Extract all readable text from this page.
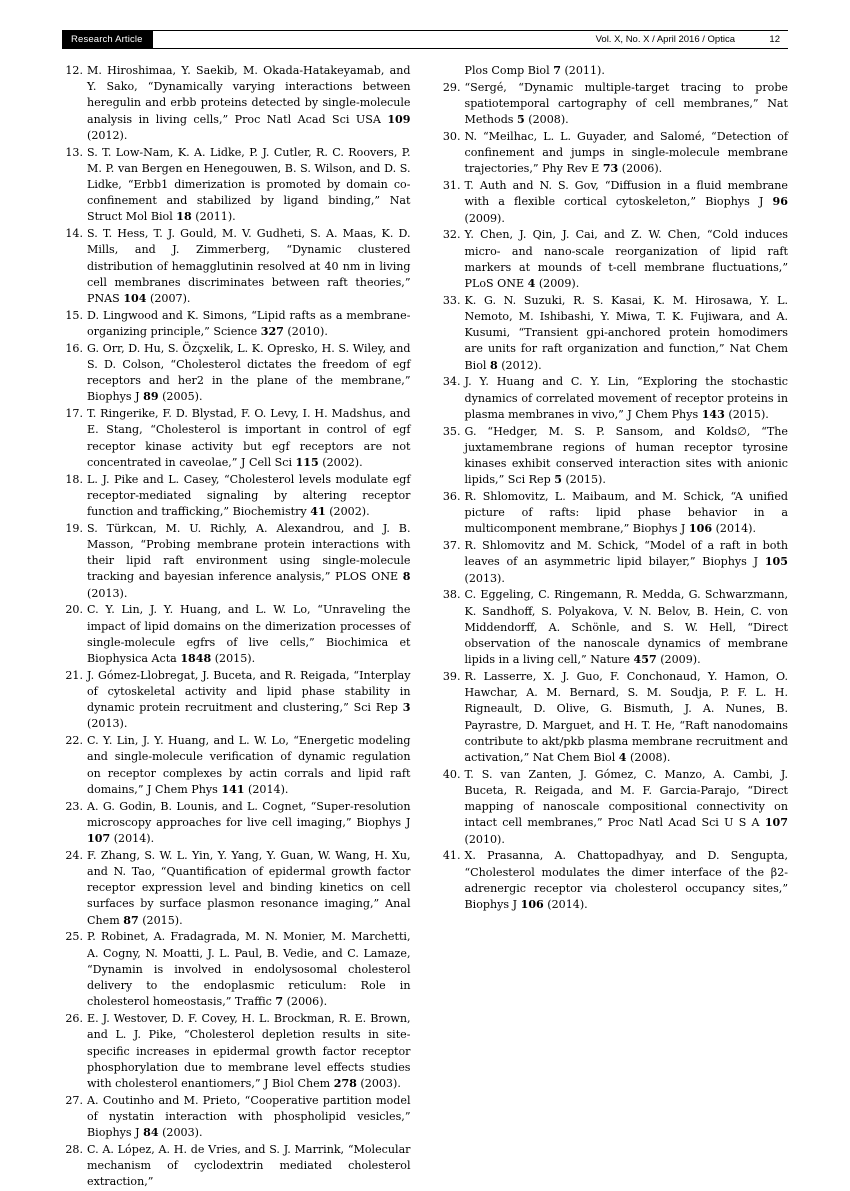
Research Article	Vol. X, No. X / April 2016 / Optica	12
12. M. Hiroshimaa, Y. Saekib, M. Okada-Hatakeyamab, and Y. Sako, “Dynamically varying interactions between heregulin and erbb proteins detected by single-molecule analysis in living cells,” Proc Natl Acad Sci USA 109 (2012).
13. S. T. Low-Nam, K. A. Lidke, P. J. Cutler, R. C. Roovers, P. M. P. van Bergen en Henegouwen, B. S. Wilson, and D. S. Lidke, “Erbb1 dimerization is promoted by domain co-confinement and stabilized by ligand binding,” Nat Struct Mol Biol 18 (2011).
14. S. T. Hess, T. J. Gould, M. V. Gudheti, S. A. Maas, K. D. Mills, and J. Zimmerberg, “Dynamic clustered distribution of hemagglutinin resolved at 40 nm in living cell membranes discriminates between raft theories,” PNAS 104 (2007).
15. D. Lingwood and K. Simons, “Lipid rafts as a membrane-organizing principle,” Science 327 (2010).
16. G. Orr, D. Hu, S. Özçxelik, L. K. Opresko, H. S. Wiley, and S. D. Colson, “Cholesterol dictates the freedom of egf receptors and her2 in the plane of the membrane,” Biophys J 89 (2005).
17. T. Ringerike, F. D. Blystad, F. O. Levy, I. H. Madshus, and E. Stang, “Cholesterol is important in control of egf receptor kinase activity but egf receptors are not concentrated in caveolae,” J Cell Sci 115 (2002).
18. L. J. Pike and L. Casey, “Cholesterol levels modulate egf receptor-mediated signaling by altering receptor function and trafficking,” Biochemistry 41 (2002).
19. S. Türkcan, M. U. Richly, A. Alexandrou, and J. B. Masson, “Probing membrane protein interactions with their lipid raft environment using single-molecule tracking and bayesian inference analysis,” PLOS ONE 8 (2013).
20. C. Y. Lin, J. Y. Huang, and L. W. Lo, “Unraveling the impact of lipid domains on the dimerization processes of single-molecule egfrs of live cells,” Biochimica et Biophysica Acta 1848 (2015).
21. J. Gómez-Llobregat, J. Buceta, and R. Reigada, “Interplay of cytoskeletal activity and lipid phase stability in dynamic protein recruitment and clustering,” Sci Rep 3 (2013).
22. C. Y. Lin, J. Y. Huang, and L. W. Lo, “Energetic modeling and single-molecule verification of dynamic regulation on receptor complexes by actin corrals and lipid raft domains,” J Chem Phys 141 (2014).
23. A. G. Godin, B. Lounis, and L. Cognet, “Super-resolution microscopy approaches for live cell imaging,” Biophys J 107 (2014).
24. F. Zhang, S. W. L. Yin, Y. Yang, Y. Guan, W. Wang, H. Xu, and N. Tao, “Quantification of epidermal growth factor receptor expression level and binding kinetics on cell surfaces by surface plasmon resonance imaging,” Anal Chem 87 (2015).
25. P. Robinet, A. Fradagrada, M. N. Monier, M. Marchetti, A. Cogny, N. Moatti, J. L. Paul, B. Vedie, and C. Lamaze, “Dynamin is involved in endolysosomal cholesterol delivery to the endoplasmic reticulum: Role in cholesterol homeostasis,” Traffic 7 (2006).
26. E. J. Westover, D. F. Covey, H. L. Brockman, R. E. Brown, and L. J. Pike, “Cholesterol depletion results in site-specific increases in epidermal growth factor receptor phosphorylation due to membrane level effects studies with cholesterol enantiomers,” J Biol Chem 278 (2003).
27. A. Coutinho and M. Prieto, “Cooperative partition model of nystatin interaction with phospholipid vesicles,” Biophys J 84 (2003).
28. C. A. López, A. H. de Vries, and S. J. Marrink, “Molecular mechanism of cyclodextrin mediated cholesterol extraction,”

Plos Comp Biol 7 (2011).

29. “Sergé, “Dynamic multiple-target tracing to probe spatiotemporal cartography of cell membranes,” Nat Methods 5 (2008).
30. N. “Meilhac, L. L. Guyader, and Salomé, “Detection of confinement and jumps in single-molecule membrane trajectories,” Phy Rev E 73 (2006).
31. T. Auth and N. S. Gov, “Diffusion in a fluid membrane with a flexible cortical cytoskeleton,” Biophys J 96 (2009).
32. Y. Chen, J. Qin, J. Cai, and Z. W. Chen, “Cold induces micro- and nano-scale reorganization of lipid raft markers at mounds of t-cell membrane fluctuations,” PLoS ONE 4 (2009).
33. K. G. N. Suzuki, R. S. Kasai, K. M. Hirosawa, Y. L. Nemoto, M. Ishibashi, Y. Miwa, T. K. Fujiwara, and A. Kusumi, “Transient gpi-anchored protein homodimers are units for raft organization and function,” Nat Chem Biol 8 (2012).
34. J. Y. Huang and C. Y. Lin, “Exploring the stochastic dynamics of correlated movement of receptor proteins in plasma membranes in vivo,” J Chem Phys 143 (2015).
35. G. “Hedger, M. S. P. Sansom, and Kolds∅, “The juxtamembrane regions of human receptor tyrosine kinases exhibit conserved interaction sites with anionic lipids,” Sci Rep 5 (2015).
36. R. Shlomovitz, L. Maibaum, and M. Schick, “A unified picture of rafts: lipid phase behavior in a multicomponent membrane,” Biophys J 106 (2014).
37. R. Shlomovitz and M. Schick, “Model of a raft in both leaves of an asymmetric lipid bilayer,” Biophys J 105 (2013).
38. C. Eggeling, C. Ringemann, R. Medda, G. Schwarzmann, K. Sandhoff, S. Polyakova, V. N. Belov, B. Hein, C. von Middendorff, A. Schönle, and S. W. Hell, “Direct observation of the nanoscale dynamics of membrane lipids in a living cell,” Nature 457 (2009).
39. R. Lasserre, X. J. Guo, F. Conchonaud, Y. Hamon, O. Hawchar, A. M. Bernard, S. M. Soudja, P. F. L. H. Rigneault, D. Olive, G. Bismuth, J. A. Nunes, B. Payrastre, D. Marguet, and H. T. He, “Raft nanodomains contribute to akt/pkb plasma membrane recruitment and activation,” Nat Chem Biol 4 (2008).
40. T. S. van Zanten, J. Gómez, C. Manzo, A. Cambi, J. Buceta, R. Reigada, and M. F. Garcia-Parajo, “Direct mapping of nanoscale compositional connectivity on intact cell membranes,” Proc Natl Acad Sci U S A 107 (2010).
41. X. Prasanna, A. Chattopadhyay, and D. Sengupta, “Cholesterol modulates the dimer interface of the β2-adrenergic receptor via cholesterol occupancy sites,” Biophys J 106 (2014).
